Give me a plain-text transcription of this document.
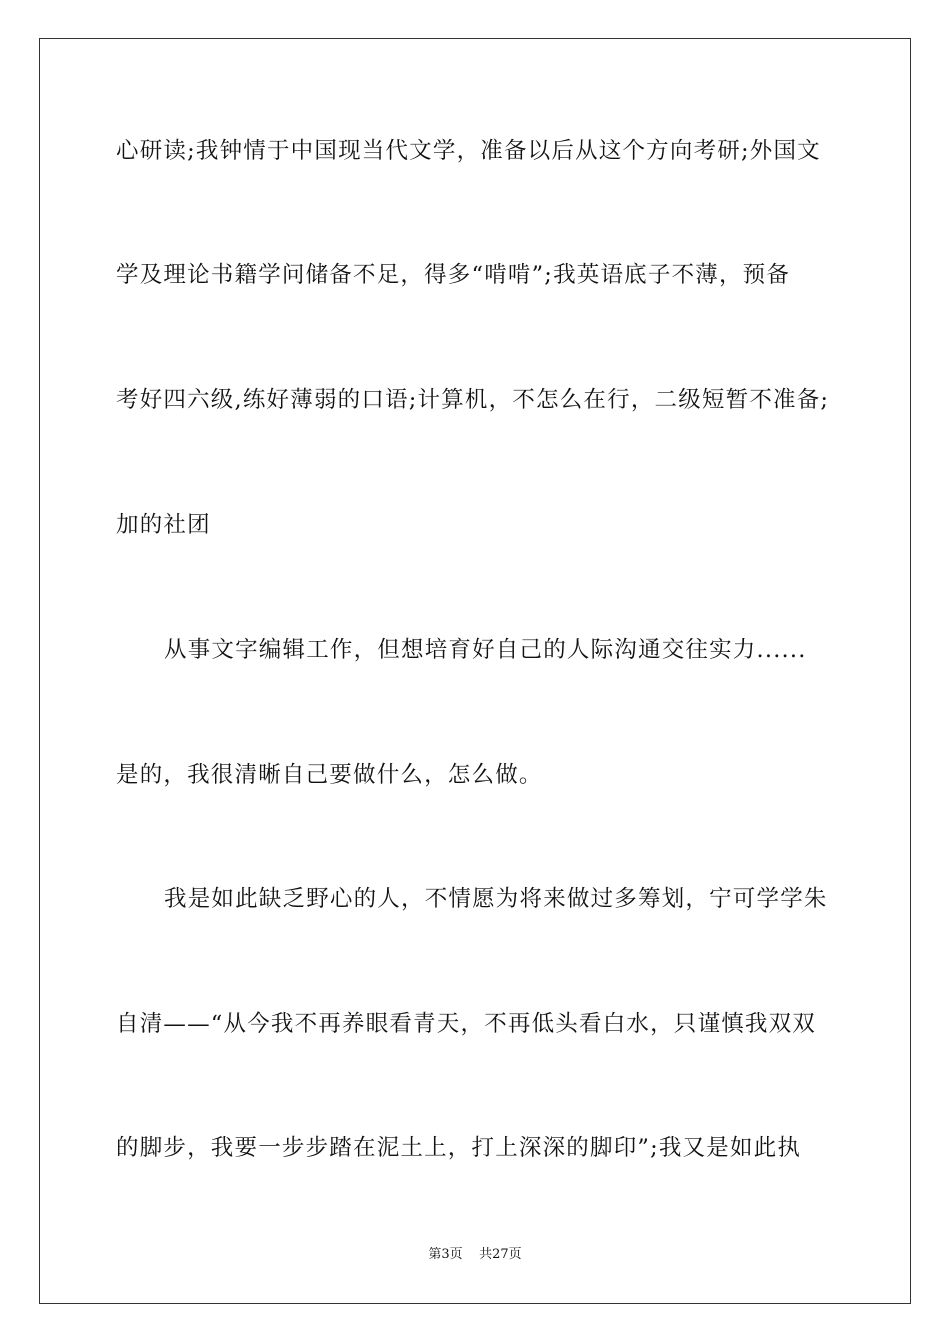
心研读;我钟情于中国现当代文学，准备以后从这个方向考研;外国文
学及理论书籍学问储备不足，得多“啃啃”;我英语底子不薄，预备
考好四六级,练好薄弱的口语;计算机，不怎么在行，二级短暂不准备;
加的社团
从事文字编辑工作，但想培育好自己的人际沟通交往实力......
是的，我很清晰自己要做什么，怎么做。
我是如此缺乏野心的人，不情愿为将来做过多筹划，宁可学学朱
自清——“从今我不再养眼看青天，不再低头看白水，只谨慎我双双
的脚步，我要一步步踏在泥土上，打上深深的脚印”;我又是如此执
第3页    共27页
